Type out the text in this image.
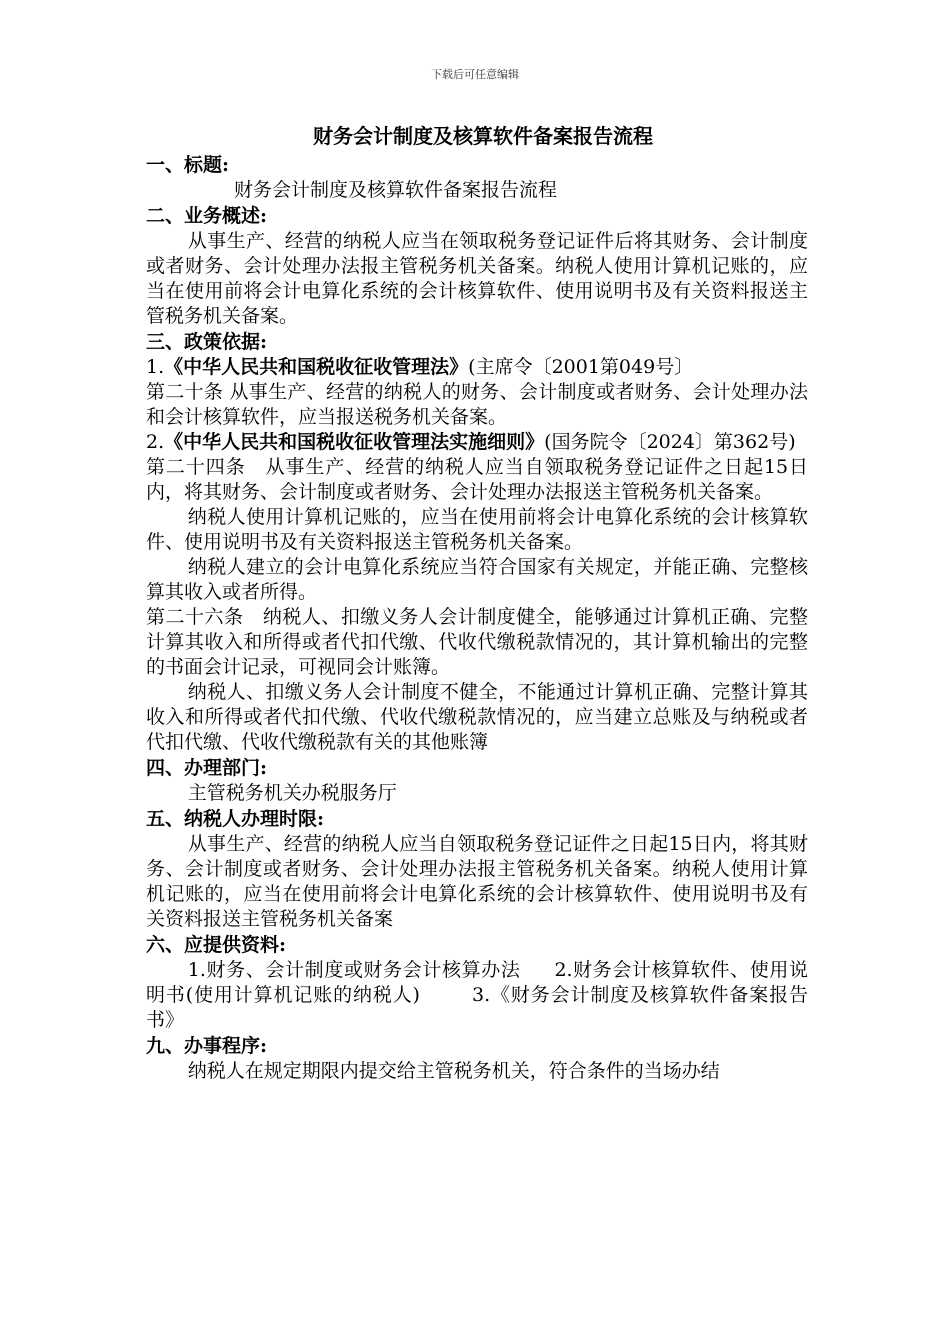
下载后可任意编辑
财务会计制度及核算软件备案报告流程
一、标题:
财务会计制度及核算软件备案报告流程
二、业务概述:
从事生产、经营的纳税人应当在领取税务登记证件后将其财务、会计制度或者财务、会计处理办法报主管税务机关备案。纳税人使用计算机记账的，应当在使用前将会计电算化系统的会计核算软件、使用说明书及有关资料报送主管税务机关备案。
三、政策依据:
1.《中华人民共和国税收征收管理法》(主席令〔2001第049号〕
第二十条 从事生产、经营的纳税人的财务、会计制度或者财务、会计处理办法和会计核算软件，应当报送税务机关备案。
2.《中华人民共和国税收征收管理法实施细则》(国务院令〔2024〕第362号)
第二十四条　从事生产、经营的纳税人应当自领取税务登记证件之日起15日内，将其财务、会计制度或者财务、会计处理办法报送主管税务机关备案。
纳税人使用计算机记账的，应当在使用前将会计电算化系统的会计核算软件、使用说明书及有关资料报送主管税务机关备案。
纳税人建立的会计电算化系统应当符合国家有关规定，并能正确、完整核算其收入或者所得。
第二十六条　纳税人、扣缴义务人会计制度健全，能够通过计算机正确、完整计算其收入和所得或者代扣代缴、代收代缴税款情况的，其计算机输出的完整的书面会计记录，可视同会计账簿。
纳税人、扣缴义务人会计制度不健全，不能通过计算机正确、完整计算其收入和所得或者代扣代缴、代收代缴税款情况的，应当建立总账及与纳税或者代扣代缴、代收代缴税款有关的其他账簿
四、办理部门:
主管税务机关办税服务厅
五、纳税人办理时限:
从事生产、经营的纳税人应当自领取税务登记证件之日起15日内，将其财务、会计制度或者财务、会计处理办法报主管税务机关备案。纳税人使用计算机记账的，应当在使用前将会计电算化系统的会计核算软件、使用说明书及有关资料报送主管税务机关备案
六、应提供资料:
1.财务、会计制度或财务会计核算办法 2.财务会计核算软件、使用说明书(使用计算机记账的纳税人)	3.《财务会计制度及核算软件备案报告书》
九、办事程序:
纳税人在规定期限内提交给主管税务机关，符合条件的当场办结
